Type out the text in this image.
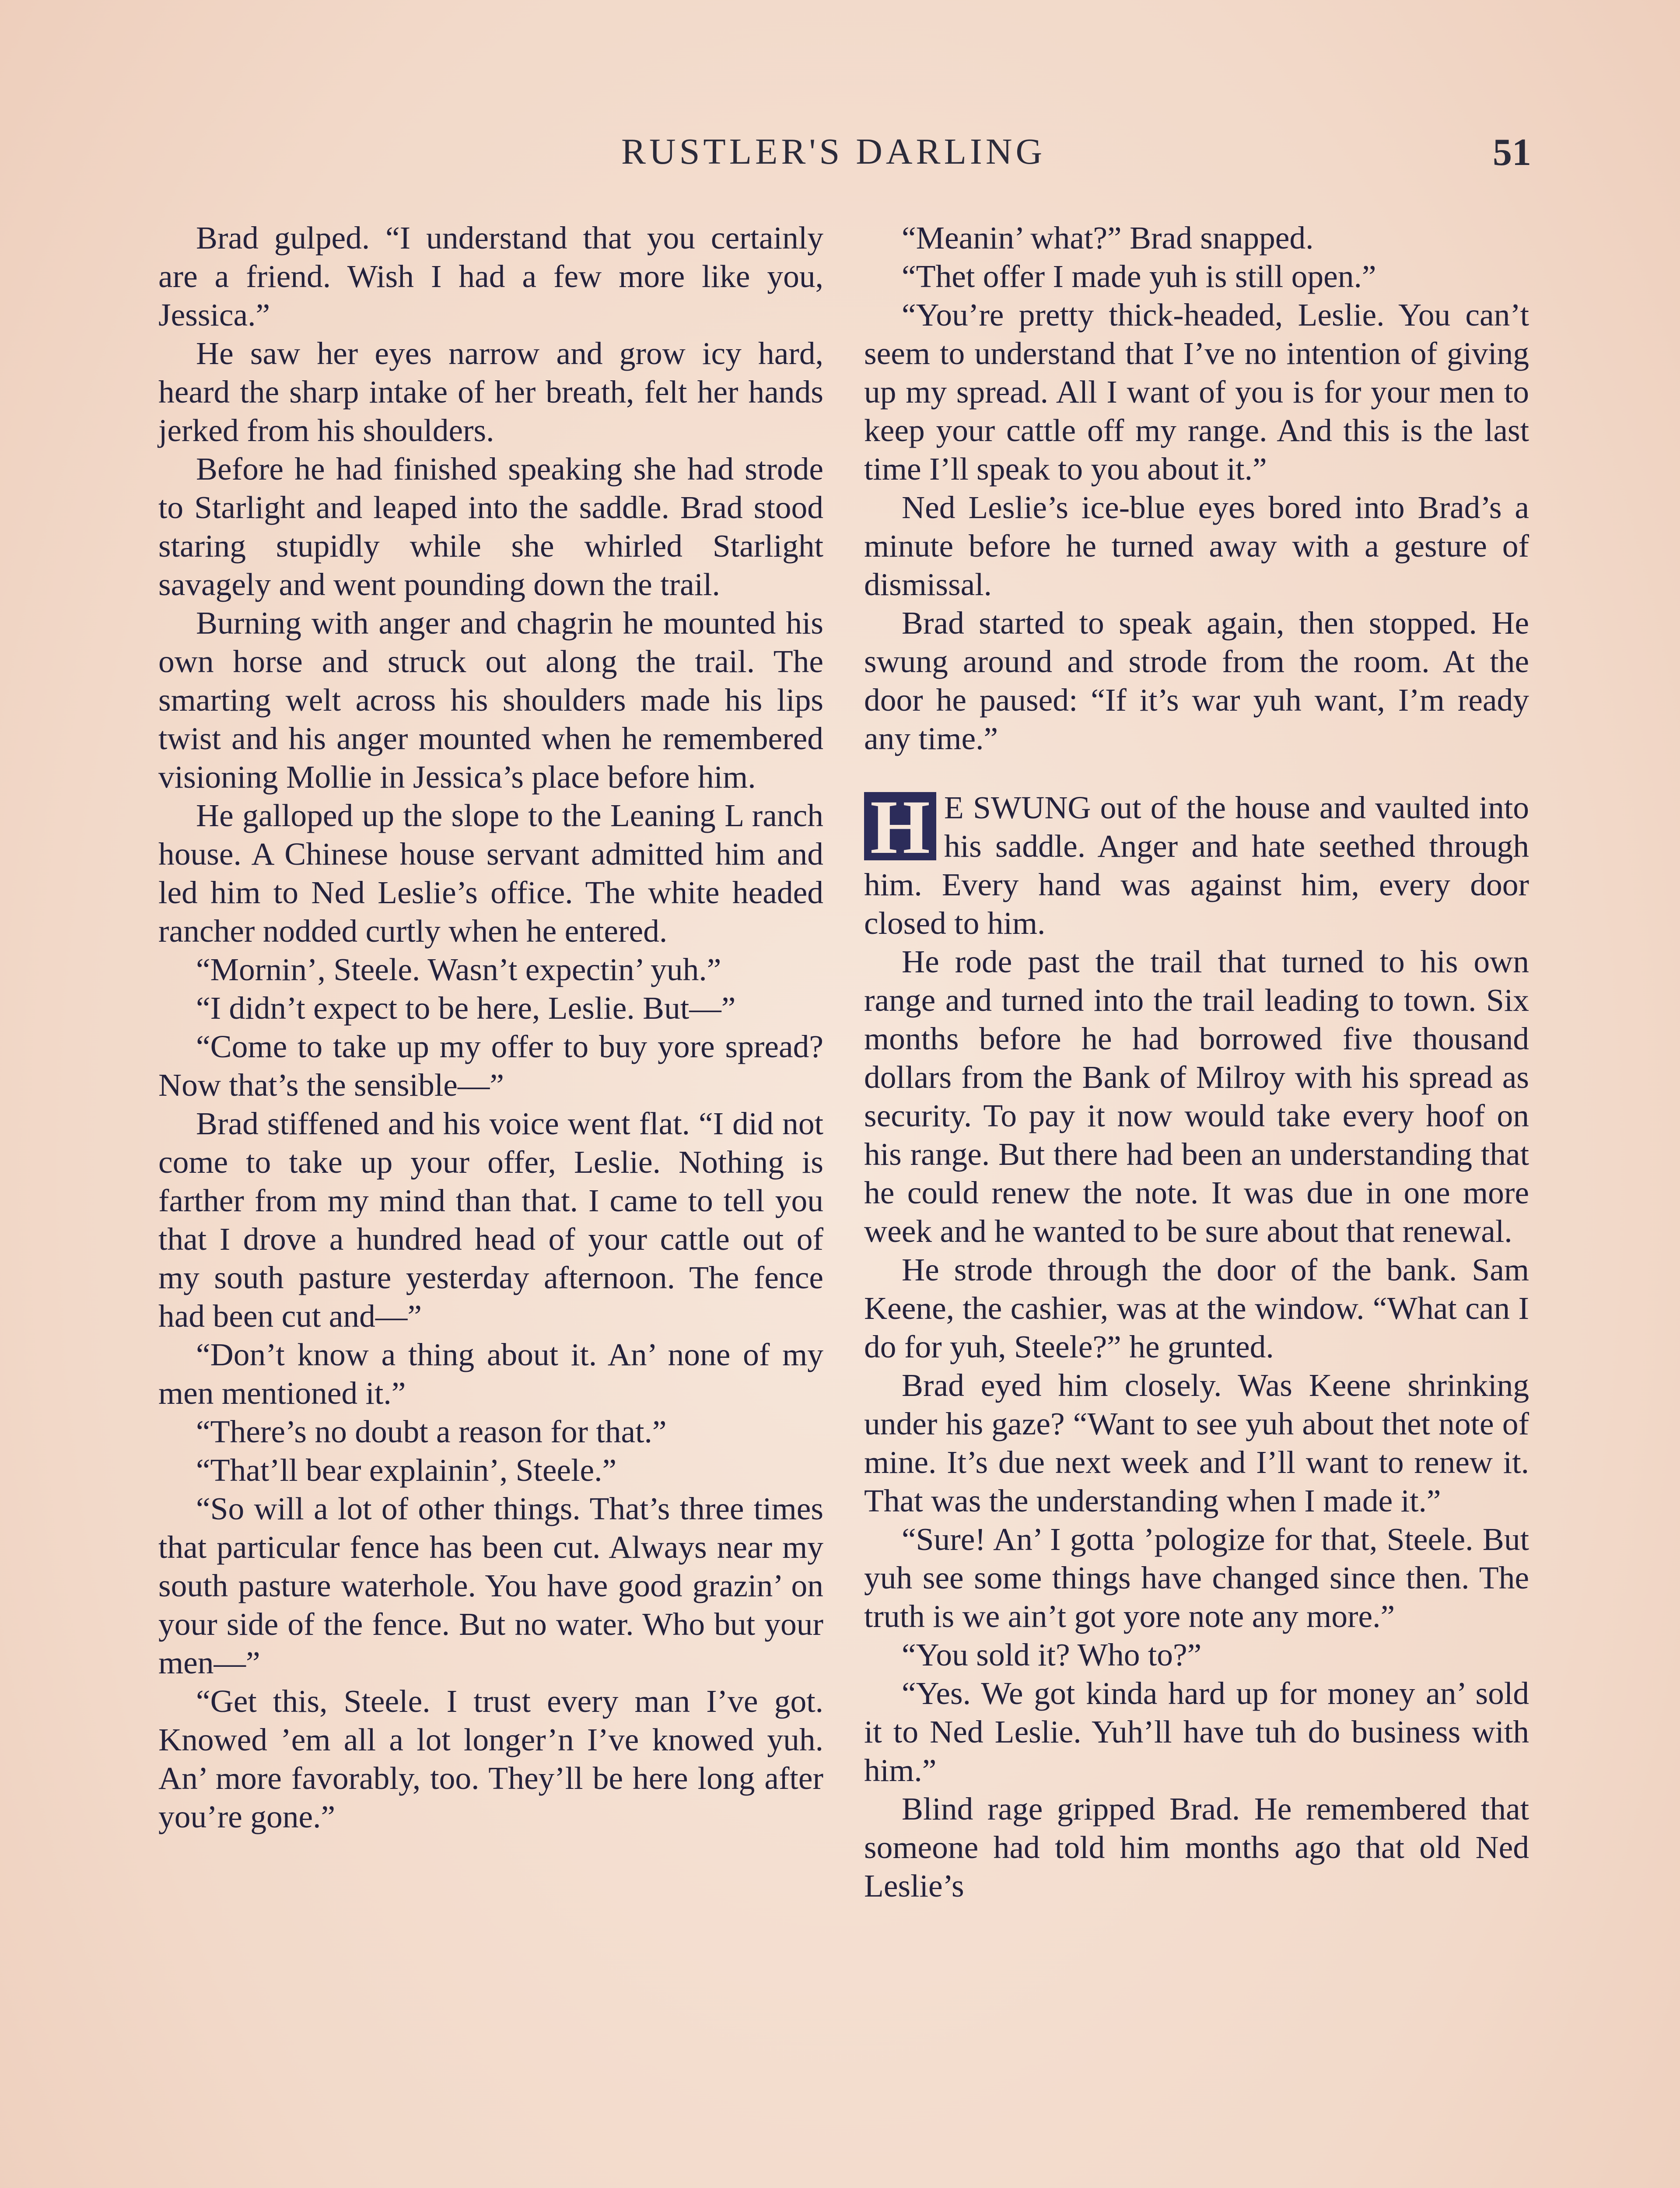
RUSTLER'S DARLING	51

Brad gulped. “I understand that you certainly are a friend. Wish I had a few more like you, Jessica.”

He saw her eyes narrow and grow icy hard, heard the sharp intake of her breath, felt her hands jerked from his shoulders.

Before he had finished speaking she had strode to Starlight and leaped into the saddle. Brad stood staring stupidly while she whirled Starlight savagely and went pounding down the trail.

Burning with anger and chagrin he mounted his own horse and struck out along the trail. The smarting welt across his shoulders made his lips twist and his anger mounted when he remembered visioning Mollie in Jessica’s place before him.

He galloped up the slope to the Leaning L ranch house. A Chinese house servant admitted him and led him to Ned Leslie’s office. The white headed rancher nodded curtly when he entered.

“Mornin’, Steele. Wasn’t expectin’ yuh.”

“I didn’t expect to be here, Leslie. But—”

“Come to take up my offer to buy yore spread? Now that’s the sensible—”

Brad stiffened and his voice went flat. “I did not come to take up your offer, Leslie. Nothing is farther from my mind than that. I came to tell you that I drove a hundred head of your cattle out of my south pasture yesterday afternoon. The fence had been cut and—”

“Don’t know a thing about it. An’ none of my men mentioned it.”

“There’s no doubt a reason for that.”

“That’ll bear explainin’, Steele.”

“So will a lot of other things. That’s three times that particular fence has been cut. Always near my south pasture waterhole. You have good grazin’ on your side of the fence. But no water. Who but your men—”

“Get this, Steele. I trust every man I’ve got. Knowed ’em all a lot longer’n I’ve knowed yuh. An’ more favorably, too. They’ll be here long after you’re gone.”

“Meanin’ what?” Brad snapped.

“Thet offer I made yuh is still open.”

“You’re pretty thick-headed, Leslie. You can’t seem to understand that I’ve no intention of giving up my spread. All I want of you is for your men to keep your cattle off my range. And this is the last time I’ll speak to you about it.”

Ned Leslie’s ice-blue eyes bored into Brad’s a minute before he turned away with a gesture of dismissal.

Brad started to speak again, then stopped. He swung around and strode from the room. At the door he paused: “If it’s war yuh want, I’m ready any time.”

H E SWUNG out of the house and vaulted into his saddle. Anger and hate seethed through him. Every hand was against him, every door closed to him.

He rode past the trail that turned to his own range and turned into the trail leading to town. Six months before he had borrowed five thousand dollars from the Bank of Milroy with his spread as security. To pay it now would take every hoof on his range. But there had been an understanding that he could renew the note. It was due in one more week and he wanted to be sure about that renewal.

He strode through the door of the bank. Sam Keene, the cashier, was at the window. “What can I do for yuh, Steele?” he grunted.

Brad eyed him closely. Was Keene shrinking under his gaze? “Want to see yuh about thet note of mine. It’s due next week and I’ll want to renew it. That was the understanding when I made it.”

“Sure! An’ I gotta ’pologize for that, Steele. But yuh see some things have changed since then. The truth is we ain’t got yore note any more.”

“You sold it? Who to?”

“Yes. We got kinda hard up for money an’ sold it to Ned Leslie. Yuh’ll have tuh do business with him.”

Blind rage gripped Brad. He remembered that someone had told him months ago that old Ned Leslie’s
